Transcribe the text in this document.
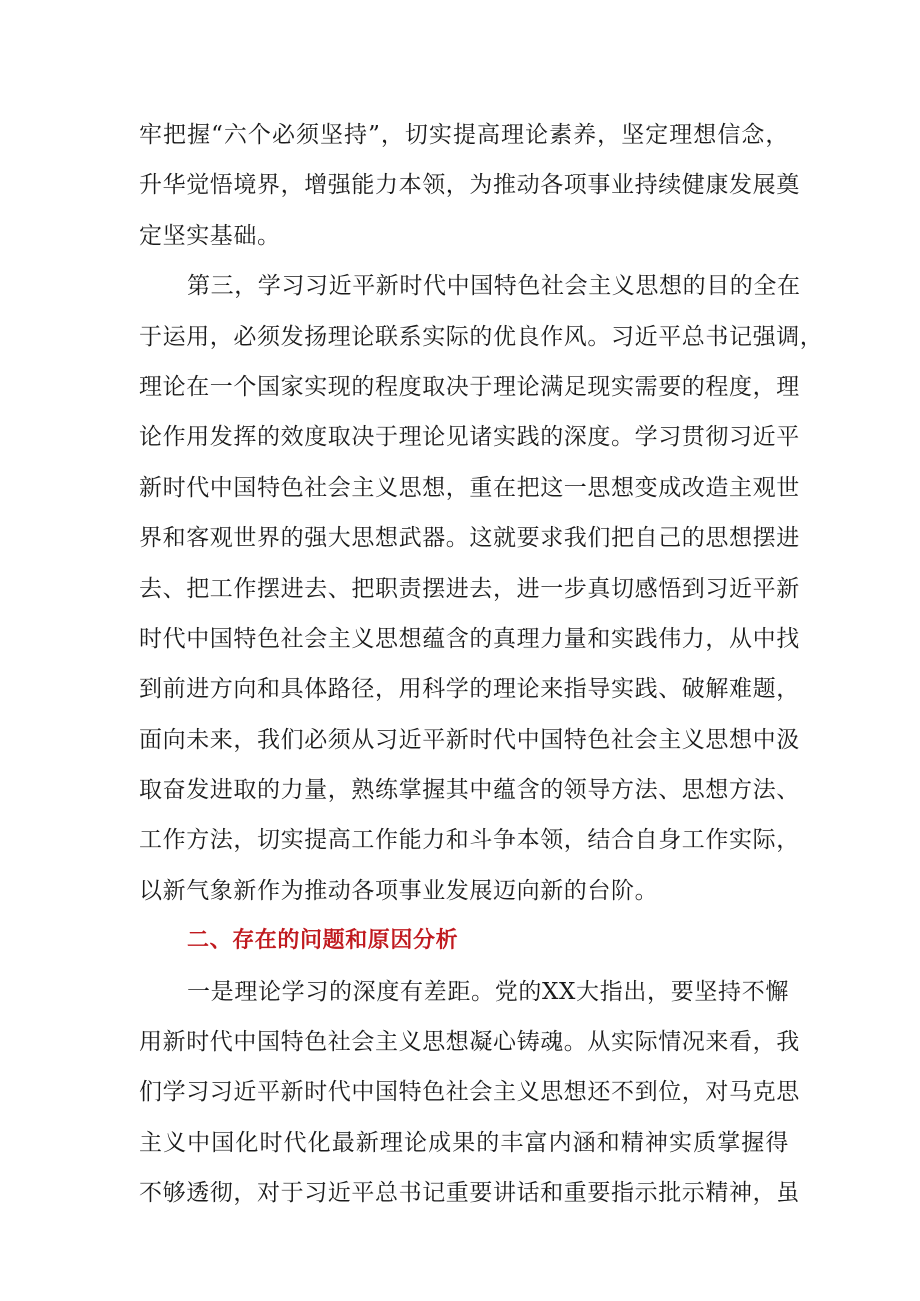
牢把握“六个必须坚持”，切实提高理论素养，坚定理想信念，
升华觉悟境界，增强能力本领，为推动各项事业持续健康发展奠
定坚实基础。
第三，学习习近平新时代中国特色社会主义思想的目的全在
于运用，必须发扬理论联系实际的优良作风。习近平总书记强调，
理论在一个国家实现的程度取决于理论满足现实需要的程度，理
论作用发挥的效度取决于理论见诸实践的深度。学习贯彻习近平
新时代中国特色社会主义思想，重在把这一思想变成改造主观世
界和客观世界的强大思想武器。这就要求我们把自己的思想摆进
去、把工作摆进去、把职责摆进去，进一步真切感悟到习近平新
时代中国特色社会主义思想蕴含的真理力量和实践伟力，从中找
到前进方向和具体路径，用科学的理论来指导实践、破解难题，
面向未来，我们必须从习近平新时代中国特色社会主义思想中汲
取奋发进取的力量，熟练掌握其中蕴含的领导方法、思想方法、
工作方法，切实提高工作能力和斗争本领，结合自身工作实际，
以新气象新作为推动各项事业发展迈向新的台阶。
二、存在的问题和原因分析
一是理论学习的深度有差距。党的XX大指出，要坚持不懈
用新时代中国特色社会主义思想凝心铸魂。从实际情况来看，我
们学习习近平新时代中国特色社会主义思想还不到位，对马克思
主义中国化时代化最新理论成果的丰富内涵和精神实质掌握得
不够透彻，对于习近平总书记重要讲话和重要指示批示精神，虽
